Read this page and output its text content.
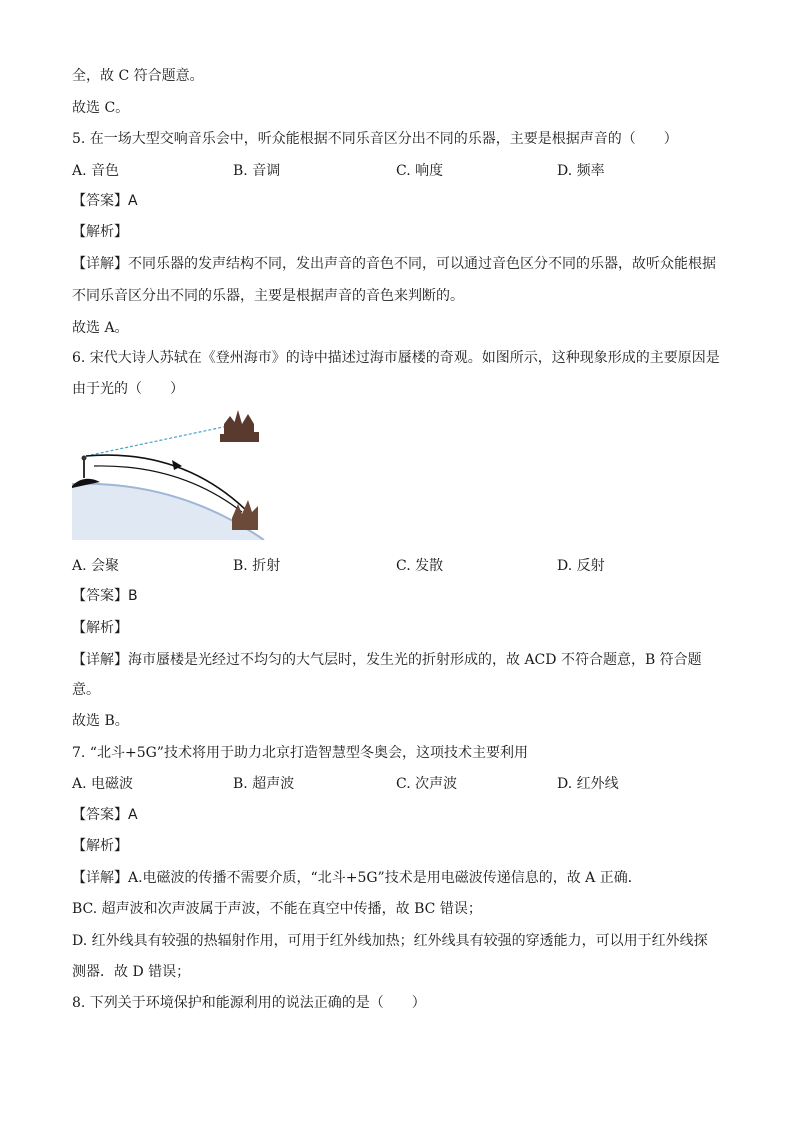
全，故 C 符合题意。
故选 C。
5. 在一场大型交响音乐会中，听众能根据不同乐音区分出不同的乐器，主要是根据声音的（　　）
A. 音色	B. 音调	C. 响度	D. 频率
【答案】A
【解析】
【详解】不同乐器的发声结构不同，发出声音的音色不同，可以通过音色区分不同的乐器，故听众能根据
不同乐音区分出不同的乐器，主要是根据声音的音色来判断的。
故选 A。
6. 宋代大诗人苏轼在《登州海市》的诗中描述过海市蜃楼的奇观。如图所示，这种现象形成的主要原因是
由于光的（　　）
A. 会聚	B. 折射	C. 发散	D. 反射
【答案】B
【解析】
【详解】海市蜃楼是光经过不均匀的大气层时，发生光的折射形成的，故 ACD 不符合题意，B 符合题
意。
故选 B。
7. “北斗+5G”技术将用于助力北京打造智慧型冬奥会，这项技术主要利用
A. 电磁波	B. 超声波	C. 次声波	D. 红外线
【答案】A
【解析】
【详解】A.电磁波的传播不需要介质，“北斗+5G”技术是用电磁波传递信息的，故 A 正确．
BC. 超声波和次声波属于声波，不能在真空中传播，故 BC 错误；
D. 红外线具有较强的热辐射作用，可用于红外线加热；红外线具有较强的穿透能力，可以用于红外线探
测器．故 D 错误；
8. 下列关于环境保护和能源利用的说法正确的是（　　）
